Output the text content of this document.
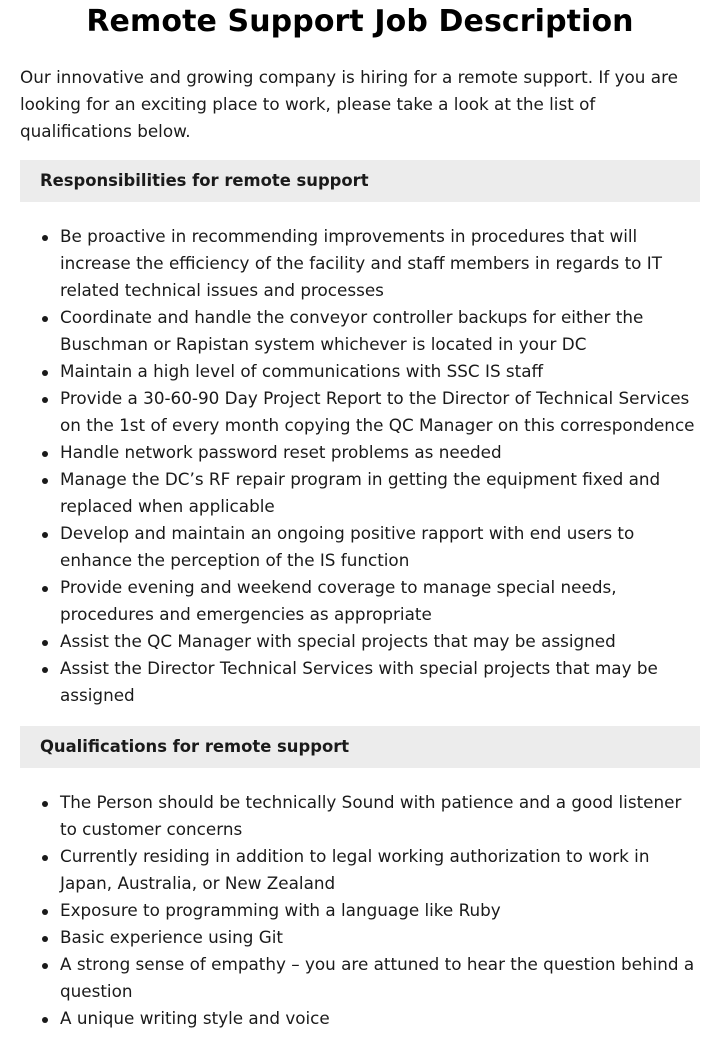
Remote Support Job Description

Our innovative and growing company is hiring for a remote support. If you are looking for an exciting place to work, please take a look at the list of qualifications below.

Responsibilities for remote support
Be proactive in recommending improvements in procedures that will increase the efficiency of the facility and staff members in regards to IT related technical issues and processes
Coordinate and handle the conveyor controller backups for either the Buschman or Rapistan system whichever is located in your DC
Maintain a high level of communications with SSC IS staff
Provide a 30-60-90 Day Project Report to the Director of Technical Services on the 1st of every month copying the QC Manager on this correspondence
Handle network password reset problems as needed
Manage the DC’s RF repair program in getting the equipment fixed and replaced when applicable
Develop and maintain an ongoing positive rapport with end users to enhance the perception of the IS function
Provide evening and weekend coverage to manage special needs, procedures and emergencies as appropriate
Assist the QC Manager with special projects that may be assigned
Assist the Director Technical Services with special projects that may be assigned
Qualifications for remote support
The Person should be technically Sound with patience and a good listener to customer concerns
Currently residing in addition to legal working authorization to work in Japan, Australia, or New Zealand
Exposure to programming with a language like Ruby
Basic experience using Git
A strong sense of empathy – you are attuned to hear the question behind a question
A unique writing style and voice
